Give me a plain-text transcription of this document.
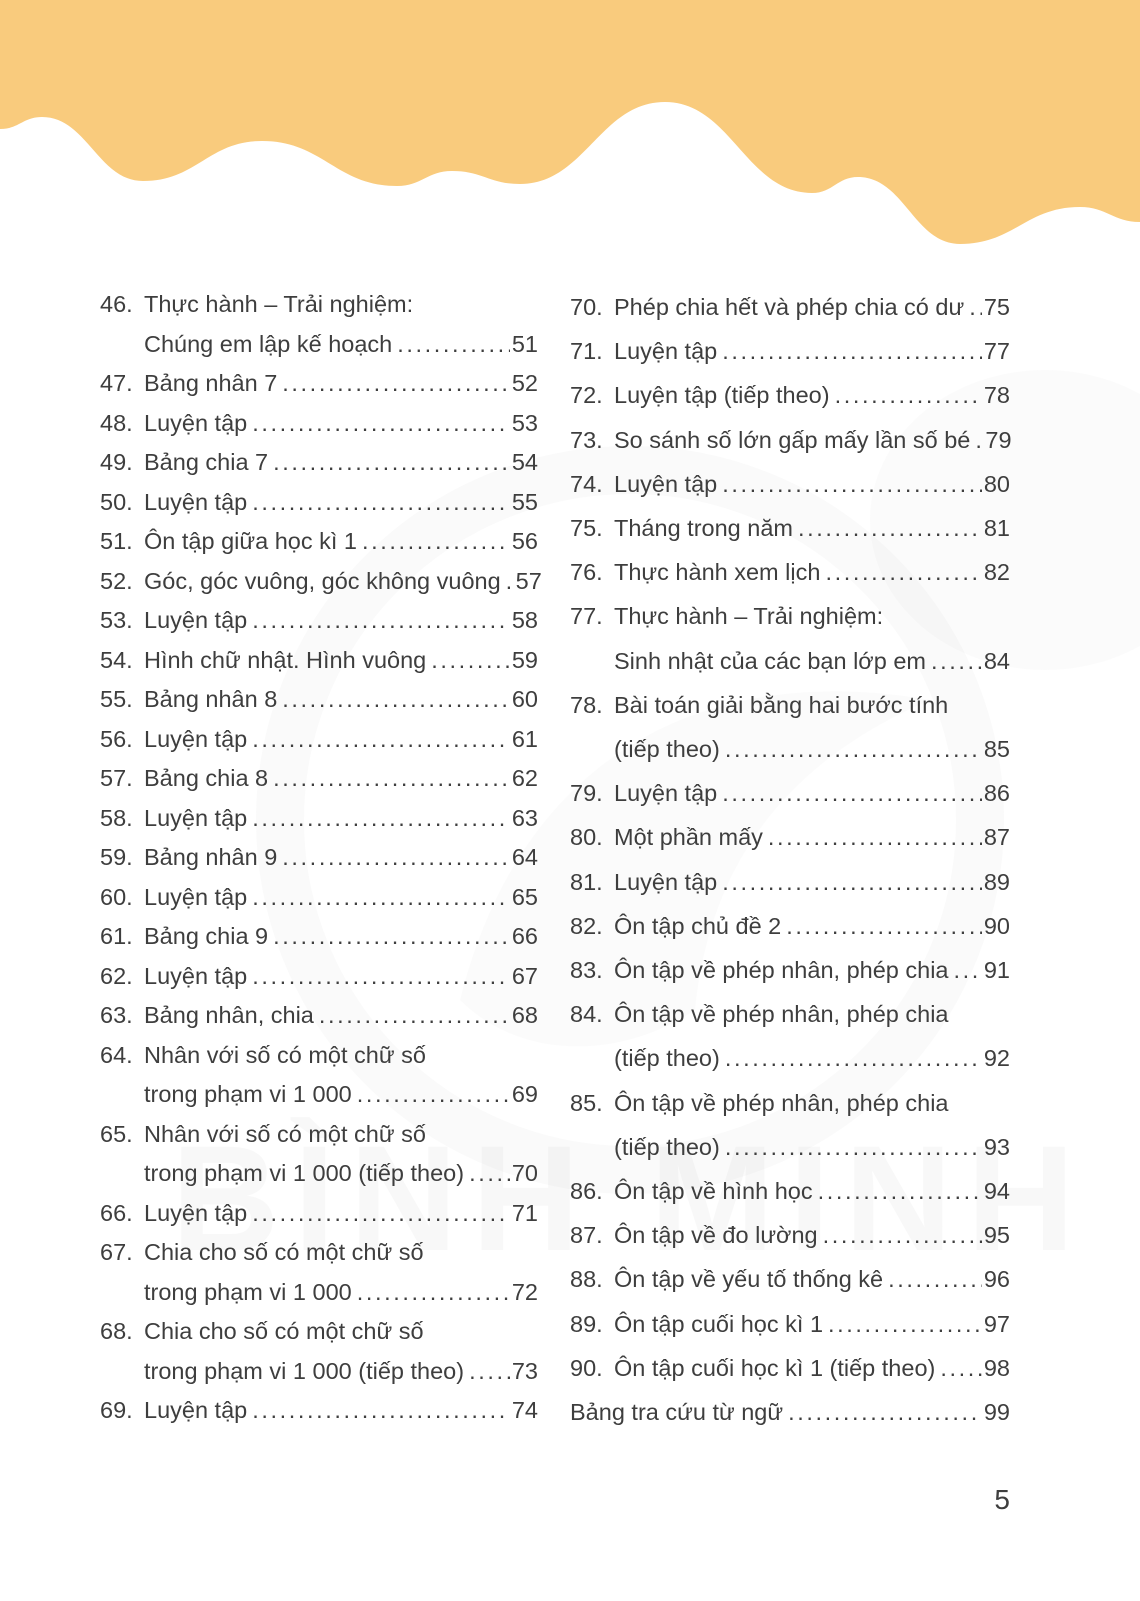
46. Thực hành – Trải nghiệm:
Chúng em lập kế hoạch .....	51
47. Bảng nhân 7 .....	52
48. Luyện tập .....	53
49. Bảng chia 7 .....	54
50. Luyện tập .....	55
51. Ôn tập giữa học kì 1 .....	56
52. Góc, góc vuông, góc không vuông ..... 57
53. Luyện tập .....	58
54. Hình chữ nhật. Hình vuông .....	59
55. Bảng nhân 8 .....	60
56. Luyện tập .....	61
57. Bảng chia 8 .....	62
58. Luyện tập .....	63
59. Bảng nhân 9 .....	64
60. Luyện tập .....	65
61. Bảng chia 9 .....	66
62. Luyện tập .....	67
63. Bảng nhân, chia .....	68
64. Nhân với số có một chữ số
trong phạm vi 1 000 .....	69
65. Nhân với số có một chữ số
trong phạm vi 1 000 (tiếp theo) ..... 70
66. Luyện tập .....	71
67. Chia cho số có một chữ số
trong phạm vi 1 000 .....	72
68. Chia cho số có một chữ số
trong phạm vi 1 000 (tiếp theo) ..... 73
69. Luyện tập .....	74
70. Phép chia hết và phép chia có dư ..... 75
71. Luyện tập .....	77
72. Luyện tập (tiếp theo) .....	78
73. So sánh số lớn gấp mấy lần số bé ..... 79
74. Luyện tập .....	80
75. Tháng trong năm .....	81
76. Thực hành xem lịch .....	82
77. Thực hành – Trải nghiệm:
Sinh nhật của các bạn lớp em ..... 84
78. Bài toán giải bằng hai bước tính
(tiếp theo) .....	85
79. Luyện tập .....	86
80. Một phần mấy .....	87
81. Luyện tập .....	89
82. Ôn tập chủ đề 2 .....	90
83. Ôn tập về phép nhân, phép chia ..... 91
84. Ôn tập về phép nhân, phép chia
(tiếp theo) .....	92
85. Ôn tập về phép nhân, phép chia
(tiếp theo) .....	93
86. Ôn tập về hình học .....	94
87. Ôn tập về đo lường .....	95
88. Ôn tập về yếu tố thống kê .....	96
89. Ôn tập cuối học kì 1 .....	97
90. Ôn tập cuối học kì 1 (tiếp theo) ..... 98
Bảng tra cứu từ ngữ .....	99
5
